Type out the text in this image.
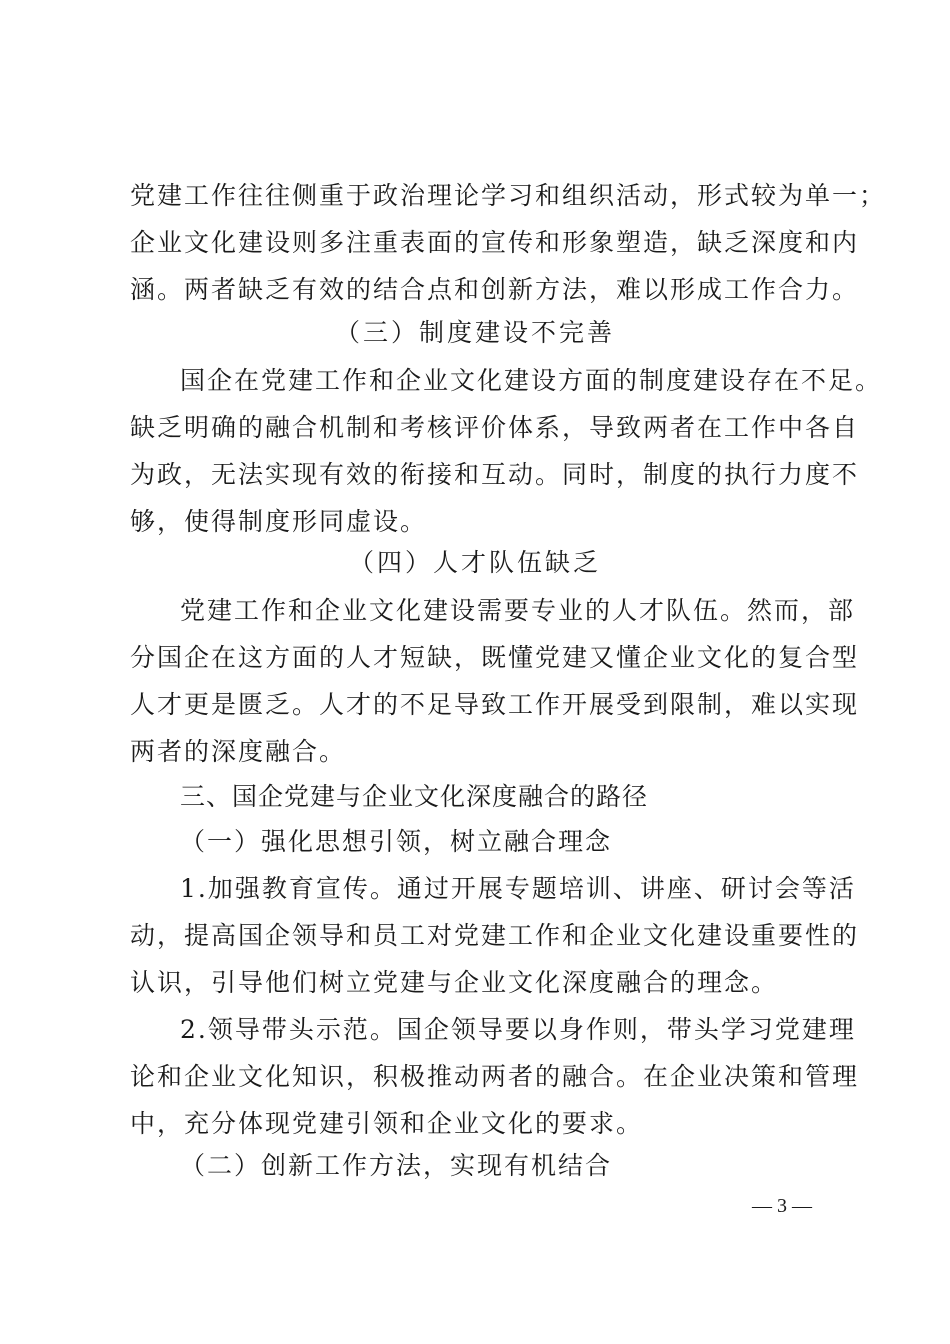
党建工作往往侧重于政治理论学习和组织活动，形式较为单一；
企业文化建设则多注重表面的宣传和形象塑造，缺乏深度和内
涵。两者缺乏有效的结合点和创新方法，难以形成工作合力。
（三）制度建设不完善
国企在党建工作和企业文化建设方面的制度建设存在不足。
缺乏明确的融合机制和考核评价体系，导致两者在工作中各自
为政，无法实现有效的衔接和互动。同时，制度的执行力度不
够，使得制度形同虚设。
（四）人才队伍缺乏
党建工作和企业文化建设需要专业的人才队伍。然而，部
分国企在这方面的人才短缺，既懂党建又懂企业文化的复合型
人才更是匮乏。人才的不足导致工作开展受到限制，难以实现
两者的深度融合。
三、国企党建与企业文化深度融合的路径
（一）强化思想引领，树立融合理念
1.加强教育宣传。通过开展专题培训、讲座、研讨会等活
动，提高国企领导和员工对党建工作和企业文化建设重要性的
认识，引导他们树立党建与企业文化深度融合的理念。
2.领导带头示范。国企领导要以身作则，带头学习党建理
论和企业文化知识，积极推动两者的融合。在企业决策和管理
中，充分体现党建引领和企业文化的要求。
（二）创新工作方法，实现有机结合
— 3 —
